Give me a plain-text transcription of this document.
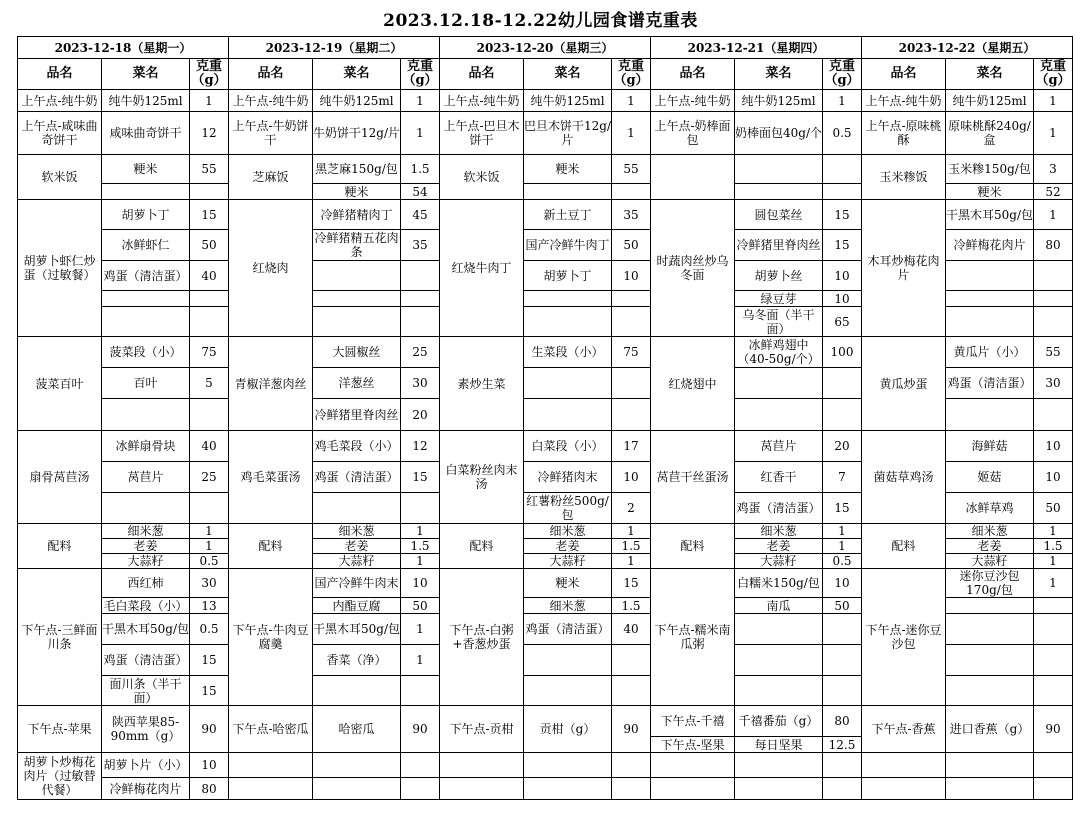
2023.12.18-12.22幼儿园食谱克重表
2023-12-18（星期一）			2023-12-19（星期二）			2023-12-20（星期三）			2023-12-21（星期四）			2023-12-22（星期五）		
品名	菜名	克重（g）	品名	菜名	克重（g）	品名	菜名	克重（g）	品名	菜名	克重（g）	品名	菜名	克重（g）
上午点-纯牛奶	纯牛奶125ml	1	上午点-纯牛奶	纯牛奶125ml	1	上午点-纯牛奶	纯牛奶125ml	1	上午点-纯牛奶	纯牛奶125ml	1	上午点-纯牛奶	纯牛奶125ml	1
上午点-咸味曲奇饼干	咸味曲奇饼干	12	上午点-牛奶饼干	牛奶饼干12g/片	1	上午点-巴旦木饼干	巴旦木饼干12g/片	1	上午点-奶棒面包	奶棒面包40g/个	0.5	上午点-原味桃酥	原味桃酥240g/盒	1
软米饭	粳米	55	芝麻饭	黑芝麻150g/包	1.5	软米饭	粳米	55				玉米糁饭	玉米糁150g/包	3
				粳米	54								粳米	52
胡萝卜虾仁炒蛋（过敏餐）	胡萝卜丁	15	红烧肉	冷鲜猪精肉丁	45	红烧牛肉丁	新土豆丁	35	时蔬肉丝炒乌冬面	圆包菜丝	15	木耳炒梅花肉片	干黑木耳50g/包	1
	冰鲜虾仁	50		冷鲜猪精五花肉条	35		国产冷鲜牛肉丁	50		冷鲜猪里脊肉丝	15		冷鲜梅花肉片	80
	鸡蛋（清洁蛋）	40					胡萝卜丁	10		胡萝卜丝	10			
										绿豆芽	10			
										乌冬面（半干面）	65			
菠菜百叶	菠菜段（小）	75	青椒洋葱肉丝	大圆椒丝	25	素炒生菜	生菜段（小）	75	红烧翅中	冰鲜鸡翅中（40-50g/个）	100	黄瓜炒蛋	黄瓜片（小）	55
	百叶	5		洋葱丝	30								鸡蛋（清洁蛋）	30
				冷鲜猪里脊肉丝	20									
扇骨莴苣汤	冰鲜扇骨块	40	鸡毛菜蛋汤	鸡毛菜段（小）	12	白菜粉丝肉末汤	白菜段（小）	17	莴苣干丝蛋汤	莴苣片	20	菌菇草鸡汤	海鲜菇	10
	莴苣片	25		鸡蛋（清洁蛋）	15		冷鲜猪肉末	10		红香干	7		姬菇	10
							红薯粉丝500g/包	2		鸡蛋（清洁蛋）	15		冰鲜草鸡	50
配料	细米葱	1	配料	细米葱	1	配料	细米葱	1	配料	细米葱	1	配料	细米葱	1
	老姜	1		老姜	1.5		老姜	1.5		老姜	1		老姜	1.5
	大蒜籽	0.5		大蒜籽	1		大蒜籽	1		大蒜籽	0.5		大蒜籽	1
下午点-三鲜面川条	西红柿	30	下午点-牛肉豆腐羹	国产冷鲜牛肉末	10	下午点-白粥+香葱炒蛋	粳米	15	下午点-糯米南瓜粥	白糯米150g/包	10	下午点-迷你豆沙包	迷你豆沙包170g/包	1
	毛白菜段（小）	13		内酯豆腐	50		细米葱	1.5		南瓜	50			
	干黑木耳50g/包	0.5		干黑木耳50g/包	1		鸡蛋（清洁蛋）	40						
	鸡蛋（清洁蛋）	15		香菜（净）	1									
	面川条（半干面）	15												
下午点-苹果	陕西苹果85-90mm（g）	90	下午点-哈密瓜	哈密瓜	90	下午点-贡柑	贡柑（g）	90	下午点-千禧	千禧番茄（g）	80	下午点-香蕉	进口香蕉（g）	90
									下午点-坚果	每日坚果	12.5			
胡萝卜炒梅花肉片（过敏替代餐）	胡萝卜片（小）	10												
	冷鲜梅花肉片	80												
